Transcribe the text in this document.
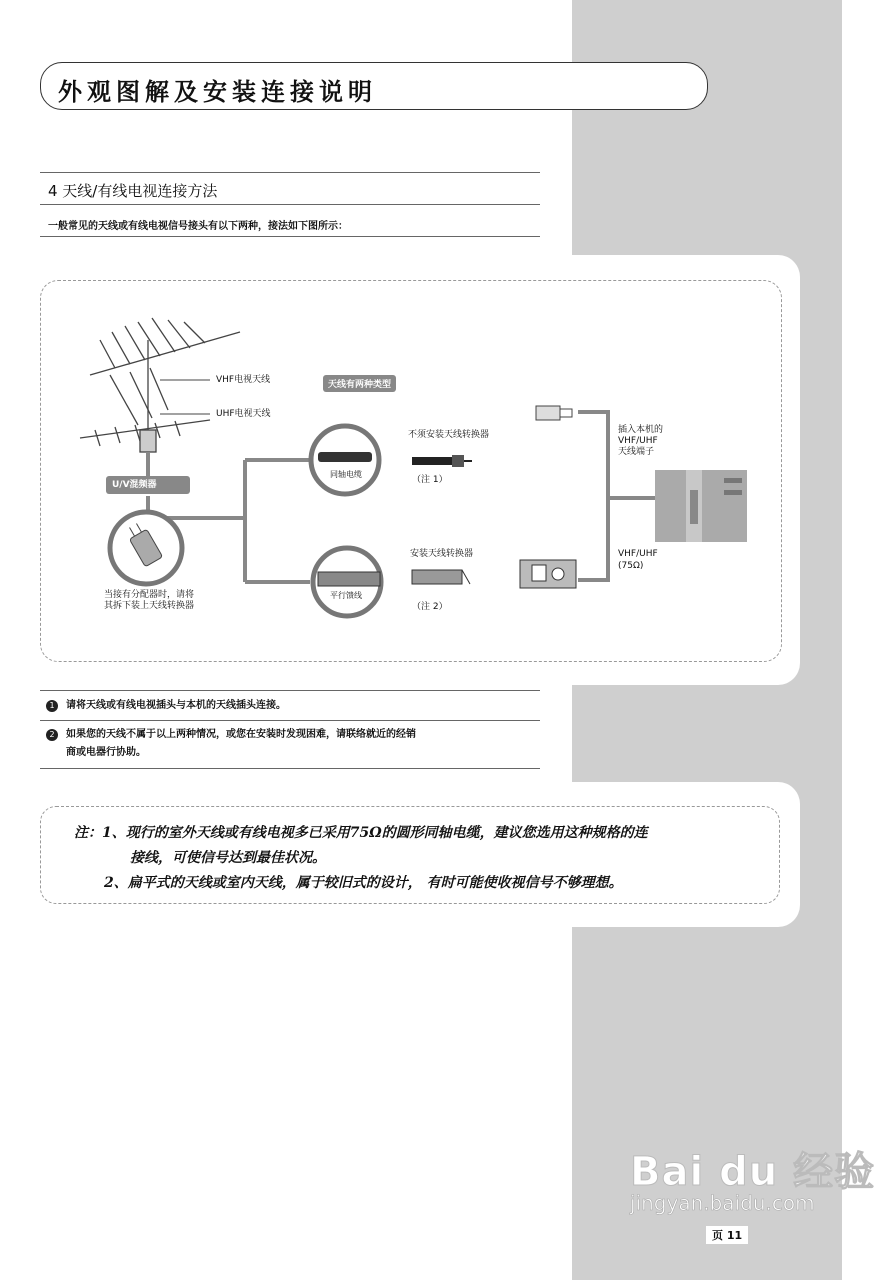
外观图解及安装连接说明
4 天线/有线电视连接方法
一般常见的天线或有线电视信号接头有以下两种，接法如下图所示：
VHF电视天线
UHF电视天线
U/V混频器
当接有分配器时，请将
其拆下装上天线转换器
天线有两种类型
同轴电缆
不须安装天线转换器
（注 1）
平行馈线
安装天线转换器
（注 2）
插入本机的
VHF/UHF
天线端子
VHF/UHF
(75Ω)
1	请将天线或有线电视插头与本机的天线插头连接。
2	如果您的天线不属于以上两种情况，或您在安装时发现困难，请联络就近的经销
商或电器行协助。
注：1、现行的室外天线或有线电视多已采用75Ω的圆形同轴电缆，建议您选用这种规格的连
接线，可使信号达到最佳状况。
2、扁平式的天线或室内天线，属于较旧式的设计， 有时可能使收视信号不够理想。
Bai du 经验
jingyan.baidu.com
页 11
